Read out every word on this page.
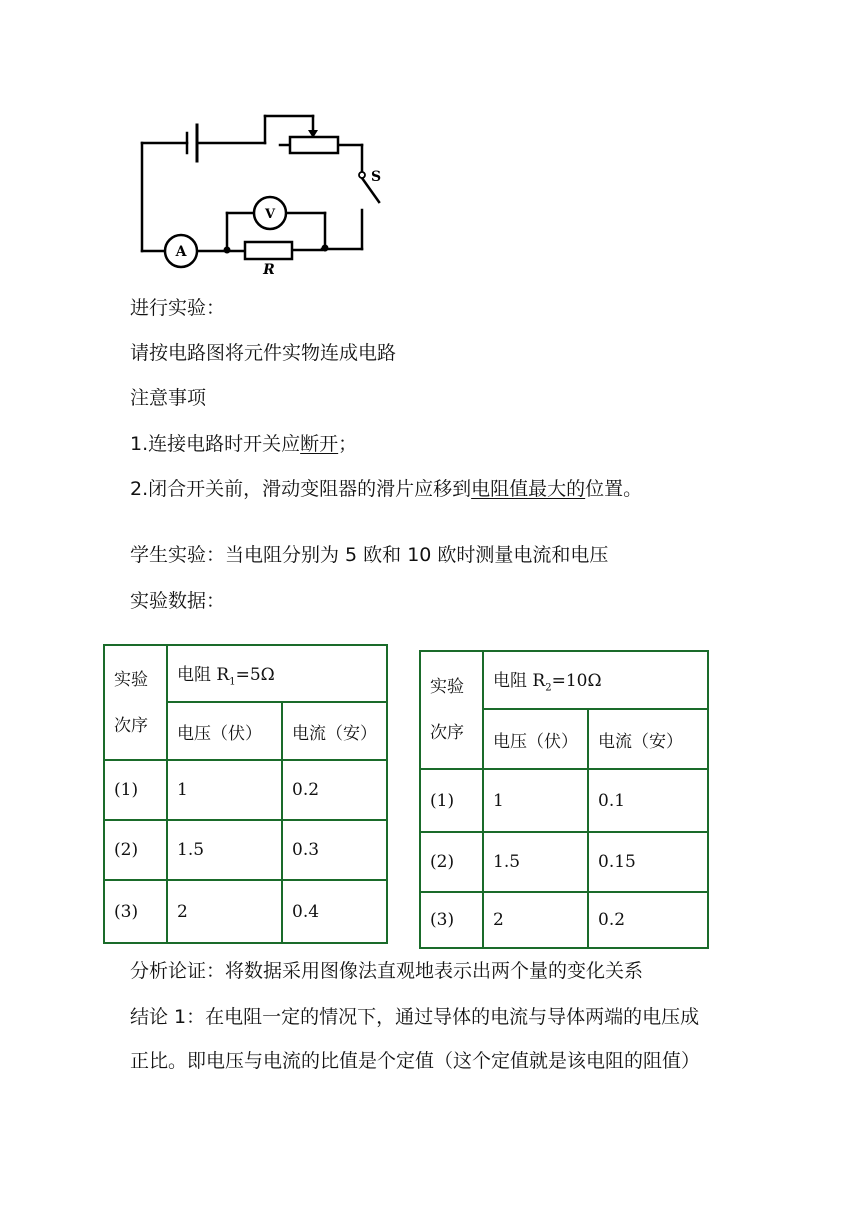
A
V
R
S
进行实验：
请按电路图将元件实物连成电路
注意事项
1.连接电路时开关应断开；
2.闭合开关前，滑动变阻器的滑片应移到电阻值最大的位置。
学生实验：当电阻分别为 5 欧和 10 欧时测量电流和电压
实验数据：
实验
次序	电阻 $R_1=5\Omega$	
	电压（伏）	电流（安）
(1)	1	0.2
(2)	1.5	0.3
(3)	2	0.4
实验
次序	电阻 $R_2=10\Omega$	
	电压（伏）	电流（安）
(1)	1	0.1
(2)	1.5	0.15
(3)	2	0.2
分析论证：将数据采用图像法直观地表示出两个量的变化关系
结论 1：在电阻一定的情况下，通过导体的电流与导体两端的电压成
正比。即电压与电流的比值是个定值（这个定值就是该电阻的阻值）
